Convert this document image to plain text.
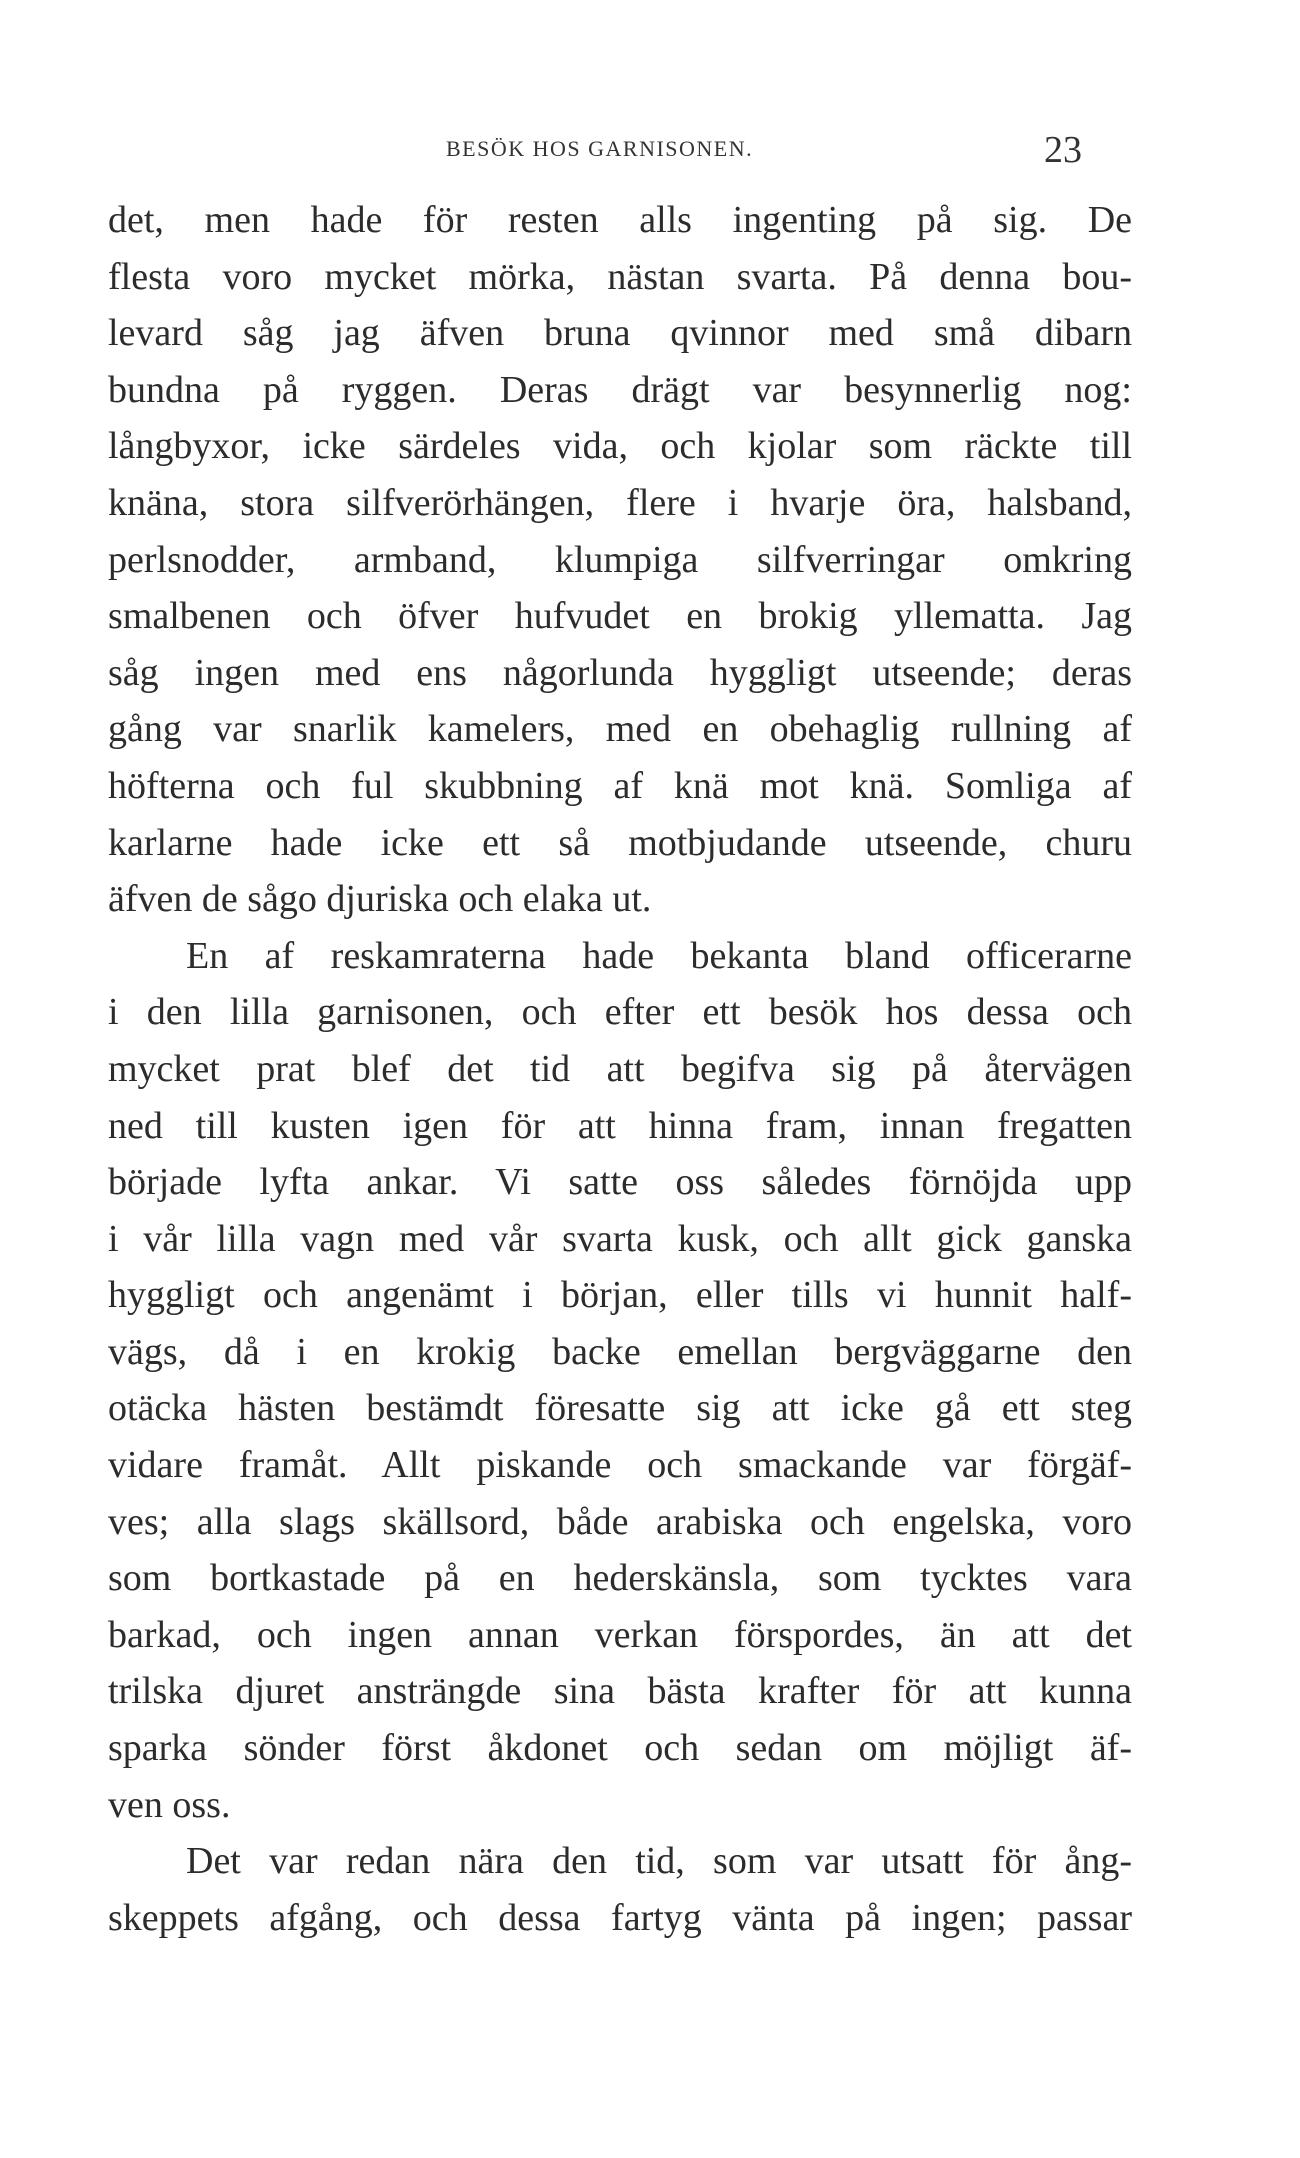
BESÖK HOS GARNISONEN.	23
det, men hade för resten alls ingenting på sig. De
flesta voro mycket mörka, nästan svarta. På denna bou-
levard såg jag äfven bruna qvinnor med små dibarn
bundna på ryggen. Deras drägt var besynnerlig nog:
långbyxor, icke särdeles vida, och kjolar som räckte till
knäna, stora silfverörhängen, flere i hvarje öra, halsband,
perlsnodder, armband, klumpiga silfverringar omkring
smalbenen och öfver hufvudet en brokig yllematta. Jag
såg ingen med ens någorlunda hyggligt utseende; deras
gång var snarlik kamelers, med en obehaglig rullning af
höfterna och ful skubbning af knä mot knä. Somliga af
karlarne hade icke ett så motbjudande utseende, churu
äfven de sågo djuriska och elaka ut.
En af reskamraterna hade bekanta bland officerarne
i den lilla garnisonen, och efter ett besök hos dessa och
mycket prat blef det tid att begifva sig på återvägen
ned till kusten igen för att hinna fram, innan fregatten
började lyfta ankar. Vi satte oss således förnöjda upp
i vår lilla vagn med vår svarta kusk, och allt gick ganska
hyggligt och angenämt i början, eller tills vi hunnit half-
vägs, då i en krokig backe emellan bergväggarne den
otäcka hästen bestämdt föresatte sig att icke gå ett steg
vidare framåt. Allt piskande och smackande var förgäf-
ves; alla slags skällsord, både arabiska och engelska, voro
som bortkastade på en hederskänsla, som tycktes vara
barkad, och ingen annan verkan förspordes, än att det
trilska djuret ansträngde sina bästa krafter för att kunna
sparka sönder först åkdonet och sedan om möjligt äf-
ven oss.
Det var redan nära den tid, som var utsatt för ång-
skeppets afgång, och dessa fartyg vänta på ingen; passar
